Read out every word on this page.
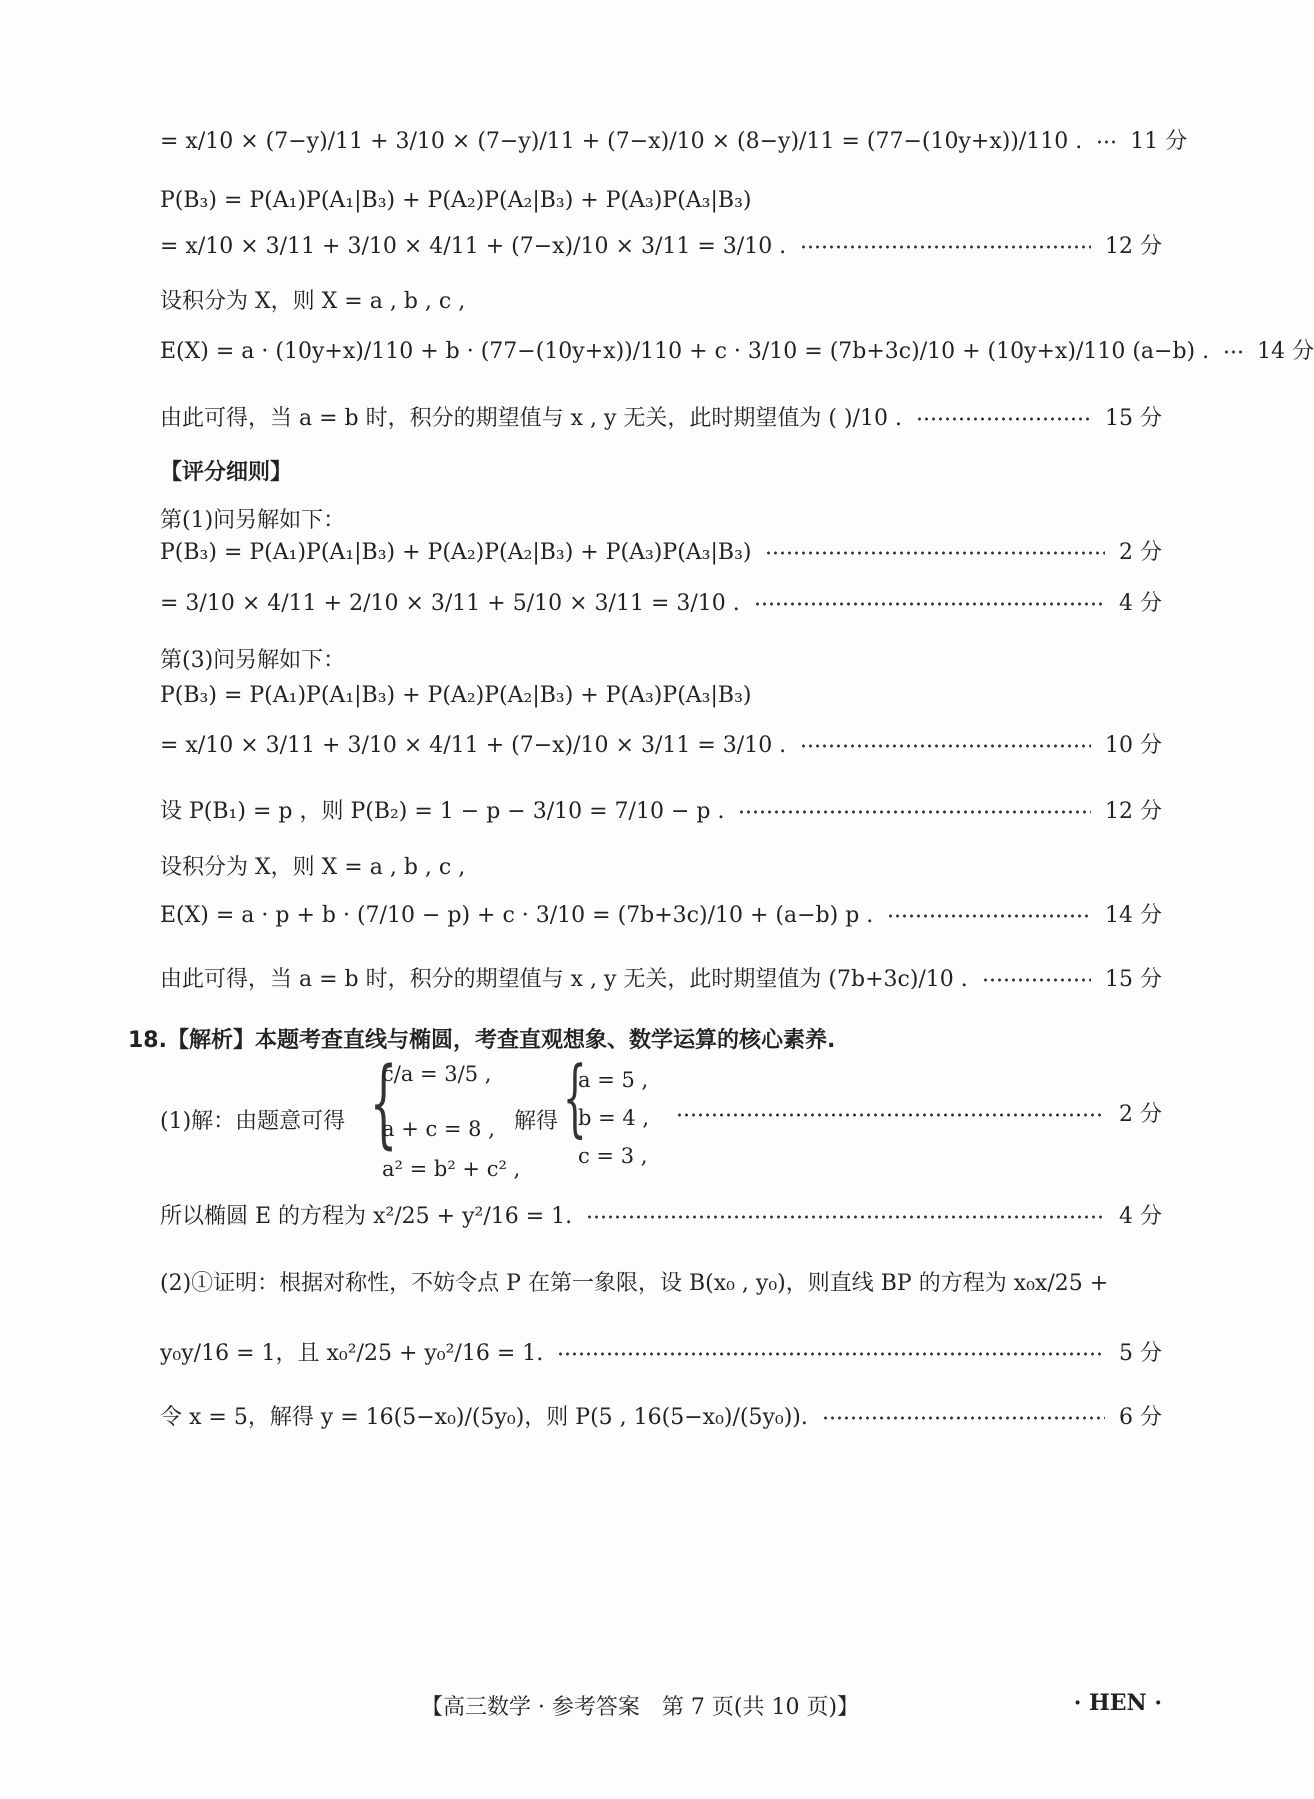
= x/10 × (7−y)/11 + 3/10 × (7−y)/11 + (7−x)/10 × (8−y)/11 = (77−(10y+x))/110 . 11 分
P(B₃) = P(A₁)P(A₁|B₃) + P(A₂)P(A₂|B₃) + P(A₃)P(A₃|B₃)
= x/10 × 3/11 + 3/10 × 4/11 + (7−x)/10 × 3/11 = 3/10 .	12 分
设积分为 X，则 X = a , b , c ,
E(X) = a · (10y+x)/110 + b · (77−(10y+x))/110 + c · 3/10 = (7b+3c)/10 + (10y+x)/110 (a−b) . 14 分
由此可得，当 a = b 时，积分的期望值与 x , y 无关，此时期望值为 ( )/10 .	15 分
【评分细则】
第(1)问另解如下：
P(B₃) = P(A₁)P(A₁|B₃) + P(A₂)P(A₂|B₃) + P(A₃)P(A₃|B₃)	2 分
= 3/10 × 4/11 + 2/10 × 3/11 + 5/10 × 3/11 = 3/10 .	4 分
第(3)问另解如下：
P(B₃) = P(A₁)P(A₁|B₃) + P(A₂)P(A₂|B₃) + P(A₃)P(A₃|B₃)
= x/10 × 3/11 + 3/10 × 4/11 + (7−x)/10 × 3/11 = 3/10 .	10 分
设 P(B₁) = p ，则 P(B₂) = 1 − p − 3/10 = 7/10 − p .	12 分
设积分为 X，则 X = a , b , c ,
E(X) = a · p + b · (7/10 − p) + c · 3/10 = (7b+3c)/10 + (a−b) p .	14 分
由此可得，当 a = b 时，积分的期望值与 x , y 无关，此时期望值为 (7b+3c)/10 .	15 分
18.【解析】本题考查直线与椭圆，考查直观想象、数学运算的核心素养.
(1)解：由题意可得 {
c/a = 3/5 ,
a + c = 8 ,
a² = b² + c² ,
解得 {
a = 5 ,
b = 4 ,
c = 3 ,
2 分
所以椭圆 E 的方程为 x²/25 + y²/16 = 1.	4 分
(2)①证明：根据对称性，不妨令点 P 在第一象限，设 B(x₀ , y₀)，则直线 BP 的方程为 x₀x/25 +
y₀y/16 = 1，且 x₀²/25 + y₀²/16 = 1.	5 分
令 x = 5，解得 y = 16(5−x₀)/(5y₀)，则 P(5 , 16(5−x₀)/(5y₀)).	6 分
【高三数学 · 参考答案　第 7 页(共 10 页)】	· HEN ·
